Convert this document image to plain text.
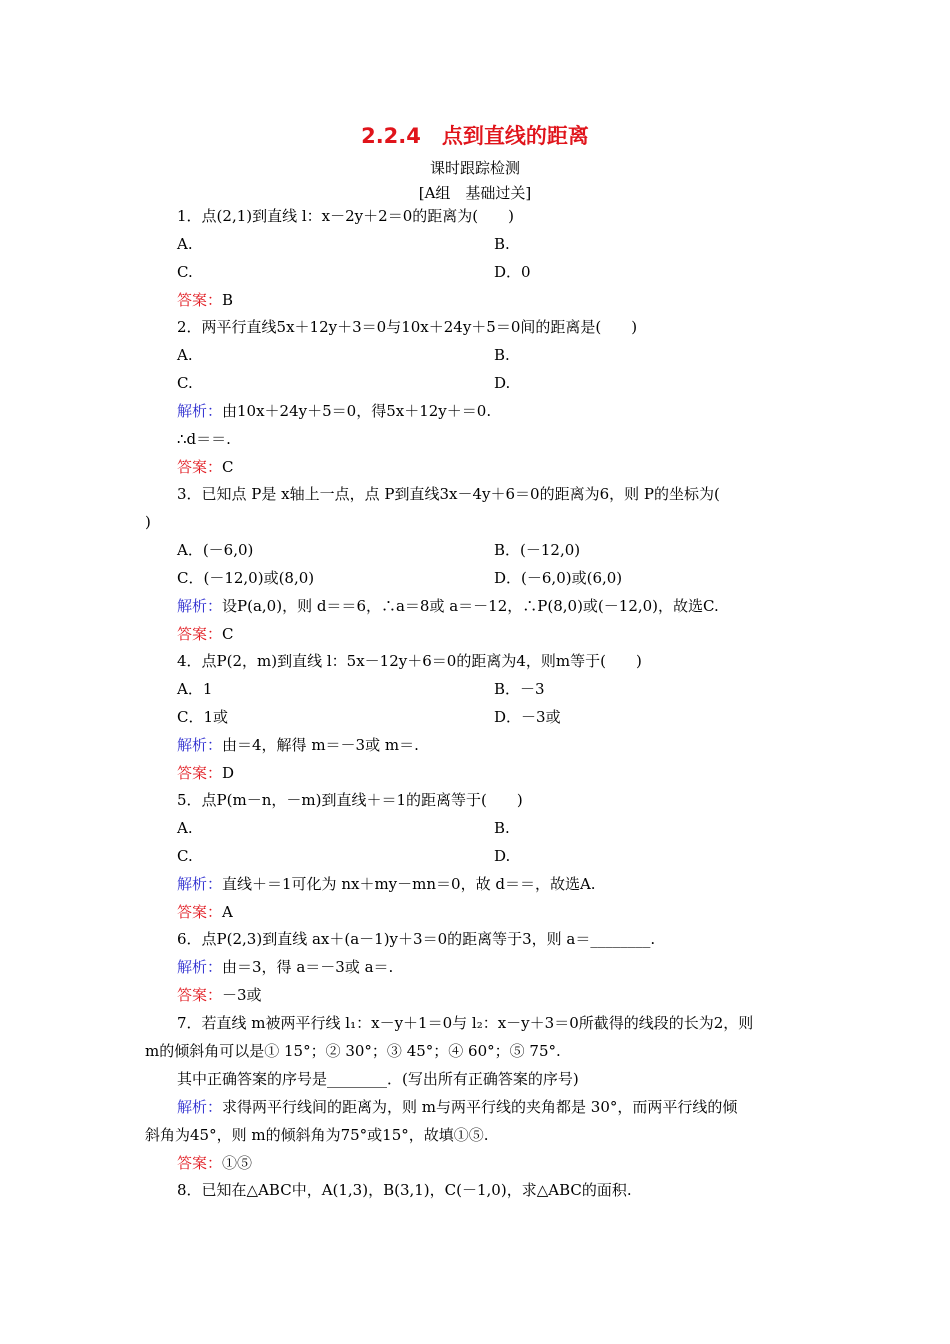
2.2.4　点到直线的距离
课时跟踪检测
[A组　基础过关]
1．点(2,1)到直线 l：x－2y＋2＝0的距离为(　　)
A.	B.
C.	D．0
答案：B
2．两平行直线5x＋12y＋3＝0与10x＋24y＋5＝0间的距离是(　　)
A.	B.
C.	D.
解析：由10x＋24y＋5＝0，得5x＋12y＋＝0.
∴d＝＝.
答案：C
3．已知点 P是 x轴上一点，点 P到直线3x－4y＋6＝0的距离为6，则 P的坐标为(
)
A．(－6,0)	B．(－12,0)
C．(－12,0)或(8,0)	D．(－6,0)或(6,0)
解析：设P(a,0)，则 d＝＝6，∴a＝8或 a＝－12，∴P(8,0)或(－12,0)，故选C.
答案：C
4．点P(2，m)到直线 l：5x－12y＋6＝0的距离为4，则m等于(　　)
A．1	B．－3
C．1或	D．－3或
解析：由＝4，解得 m＝－3或 m＝.
答案：D
5．点P(m－n，－m)到直线＋＝1的距离等于(　　)
A.	B.
C.	D.
解析：直线＋＝1可化为 nx＋my－mn＝0，故 d＝＝，故选A.
答案：A
6．点P(2,3)到直线 ax＋(a－1)y＋3＝0的距离等于3，则 a＝________.
解析：由＝3，得 a＝－3或 a＝.
答案：－3或
7．若直线 m被两平行线 l₁：x－y＋1＝0与 l₂：x－y＋3＝0所截得的线段的长为2，则
m的倾斜角可以是① 15°；② 30°；③ 45°；④ 60°；⑤ 75°.
其中正确答案的序号是________．(写出所有正确答案的序号)
解析：求得两平行线间的距离为，则 m与两平行线的夹角都是 30°，而两平行线的倾
斜角为45°，则 m的倾斜角为75°或15°，故填①⑤.
答案：①⑤
8．已知在△ABC中，A(1,3)，B(3,1)，C(－1,0)，求△ABC的面积.
